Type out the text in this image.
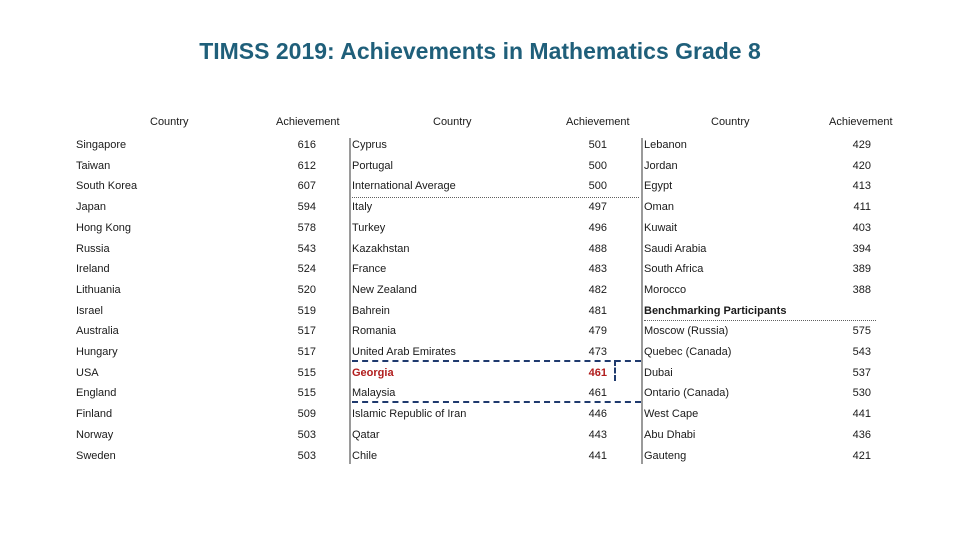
TIMSS 2019: Achievements in Mathematics Grade 8
Country	Achievement	Country	Achievement	Country	Achievement
Singapore	616	Cyprus	501	Lebanon	429
Taiwan	612	Portugal	500	Jordan	420
South Korea	607	International Average	500	Egypt	413
Japan	594	Italy	497	Oman	411
Hong Kong	578	Turkey	496	Kuwait	403
Russia	543	Kazakhstan	488	Saudi Arabia	394
Ireland	524	France	483	South Africa	389
Lithuania	520	New Zealand	482	Morocco	388
Israel	519	Bahrein	481	Benchmarking Participants
Australia	517	Romania	479	Moscow (Russia)	575
Hungary	517	United Arab Emirates	473	Quebec (Canada)	543
USA	515	Georgia	461	Dubai	537
England	515	Malaysia	461	Ontario (Canada)	530
Finland	509	Islamic Republic of Iran	446	West Cape	441
Norway	503	Qatar	443	Abu Dhabi	436
Sweden	503	Chile	441	Gauteng	421
